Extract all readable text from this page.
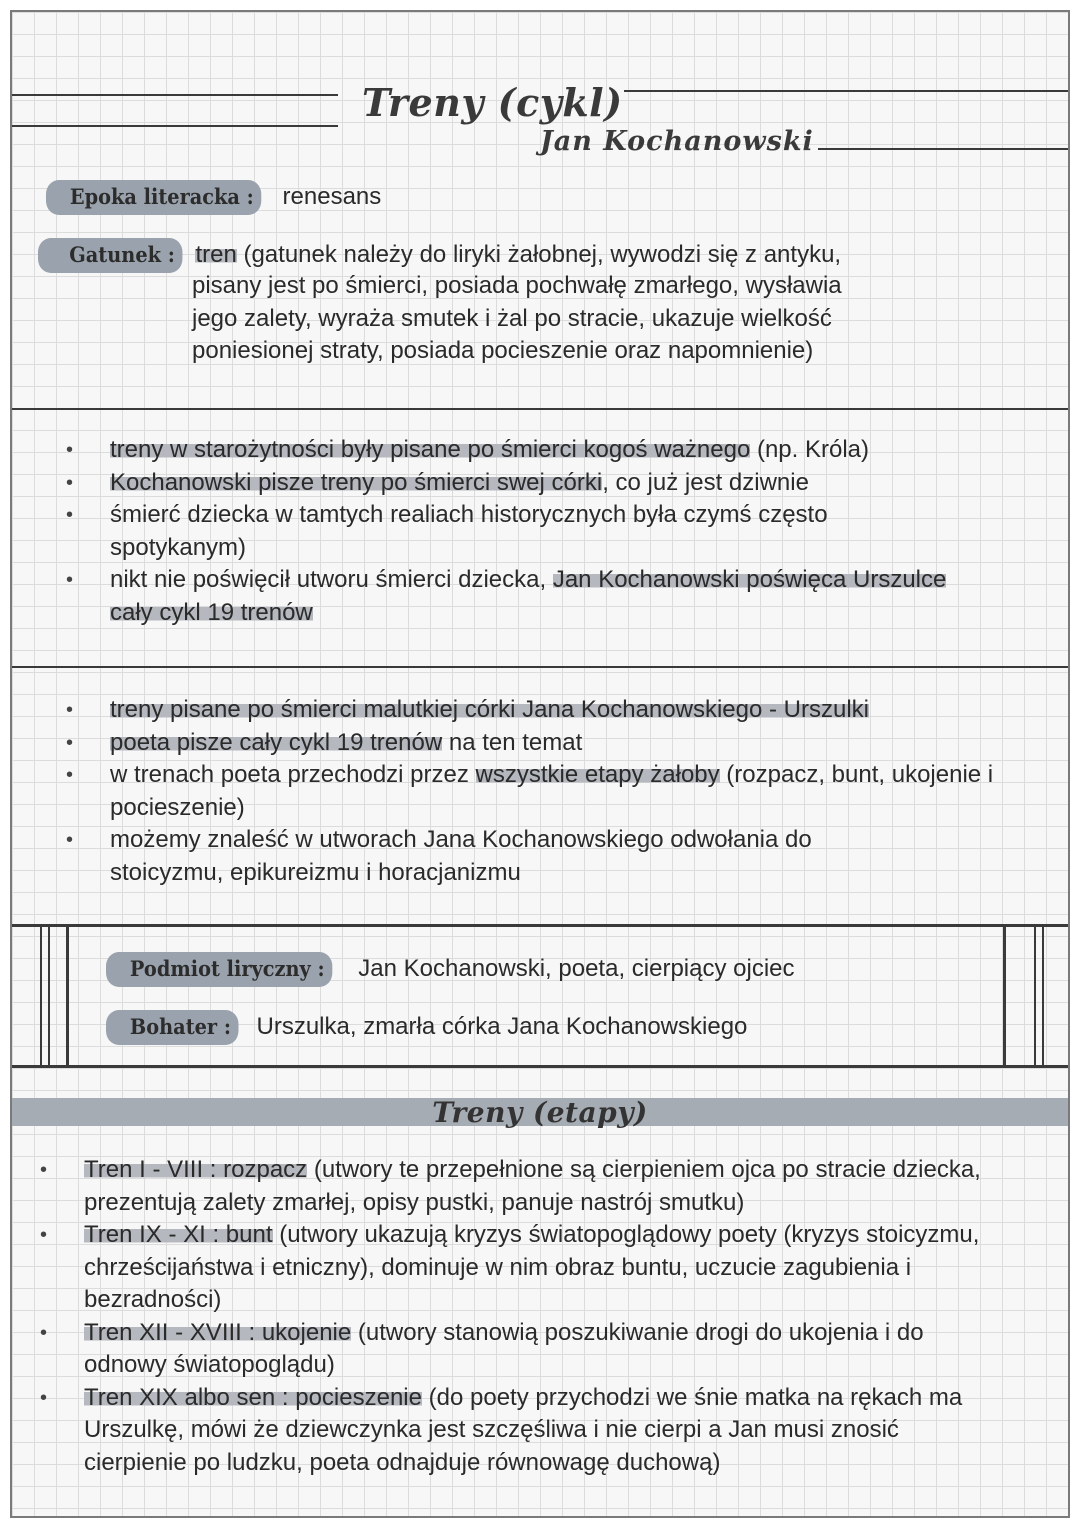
Treny (cykl)
Jan Kochanowski
Epoka literacka : renesans
Gatunek : tren (gatunek należy do liryki żałobnej, wywodzi się z antyku,
pisany jest po śmierci, posiada pochwałę zmarłego, wysławia
jego zalety, wyraża smutek i żal po stracie, ukazuje wielkość
poniesionej straty, posiada pocieszenie oraz napomnienie)
• treny w starożytności były pisane po śmierci kogoś ważnego (np. Króla)
• Kochanowski pisze treny po śmierci swej córki, co już jest dziwnie
• śmierć dziecka w tamtych realiach historycznych była czymś często spotykanym)
• nikt nie poświęcił utworu śmierci dziecka, Jan Kochanowski poświęca Urszulce cały cykl 19 trenów
• treny pisane po śmierci malutkiej córki Jana Kochanowskiego - Urszulki
• poeta pisze cały cykl 19 trenów na ten temat
• w trenach poeta przechodzi przez wszystkie etapy żałoby (rozpacz, bunt, ukojenie i pocieszenie)
• możemy znaleść w utworach Jana Kochanowskiego odwołania do stoicyzmu, epikureizmu i horacjanizmu
Podmiot liryczny : Jan Kochanowski, poeta, cierpiący ojciec
Bohater : Urszulka, zmarła córka Jana Kochanowskiego
Treny (etapy)
• Tren I - VIII : rozpacz (utwory te przepełnione są cierpieniem ojca po stracie dziecka, prezentują zalety zmarłej, opisy pustki, panuje nastrój smutku)
• Tren IX - XI : bunt (utwory ukazują kryzys światopoglądowy poety (kryzys stoicyzmu, chrześcijaństwa i etniczny), dominuje w nim obraz buntu, uczucie zagubienia i bezradności)
• Tren XII - XVIII : ukojenie (utwory stanowią poszukiwanie drogi do ukojenia i do odnowy światopoglądu)
• Tren XIX albo sen : pocieszenie (do poety przychodzi we śnie matka na rękach ma Urszulkę, mówi że dziewczynka jest szczęśliwa i nie cierpi a Jan musi znosić cierpienie po ludzku, poeta odnajduje równowagę duchową)
